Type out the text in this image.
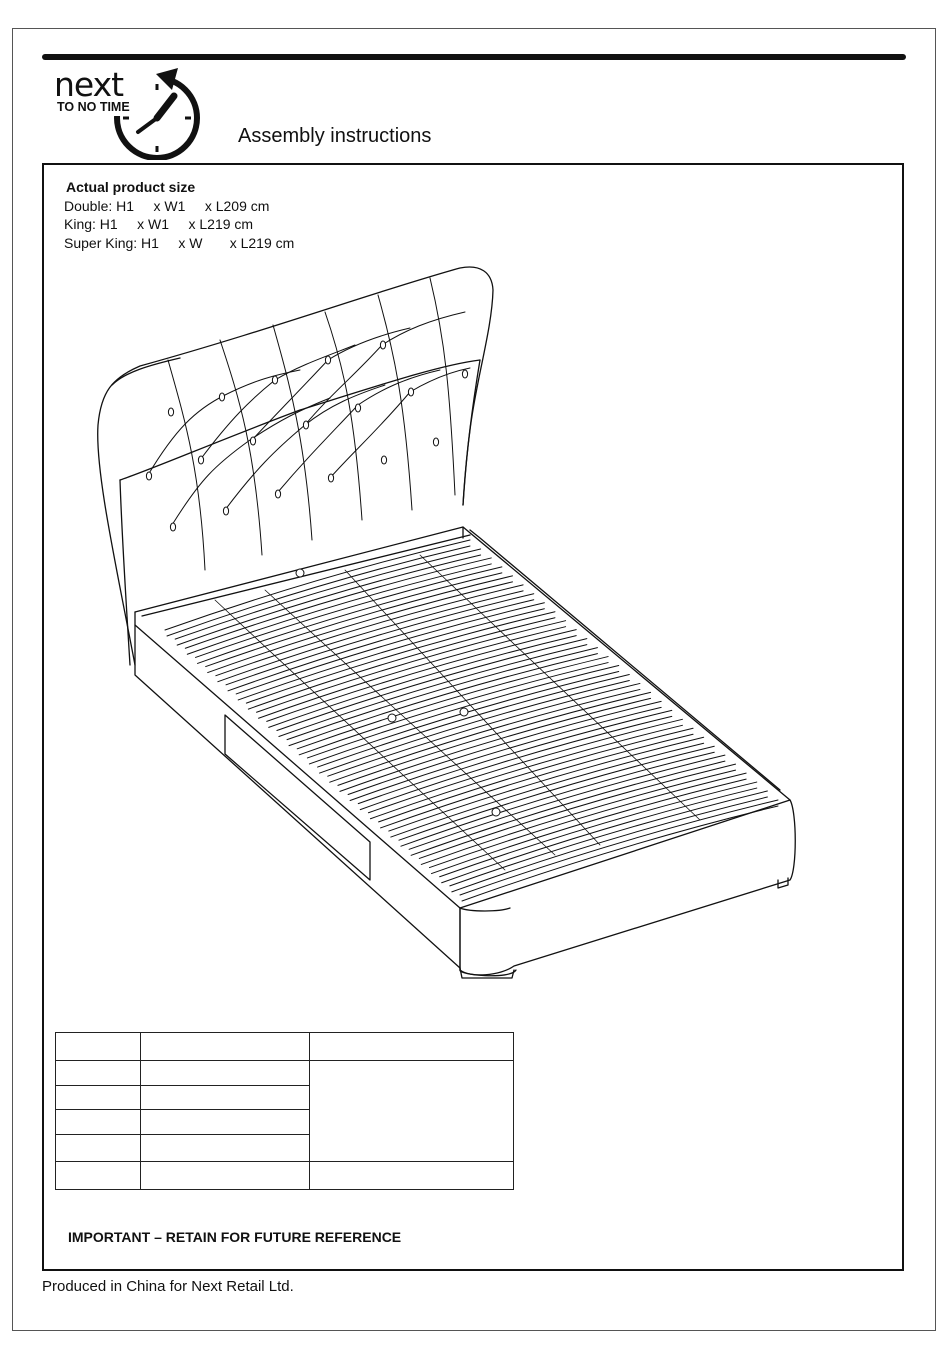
next
TO NO TIME
Assembly instructions
Actual product size
Double: H1     x W1     x L209 cm
King: H1     x W1     x L219 cm
Super King: H1     x W       x L219 cm

IMPORTANT – RETAIN FOR FUTURE REFERENCE
Produced in China for Next Retail Ltd.
